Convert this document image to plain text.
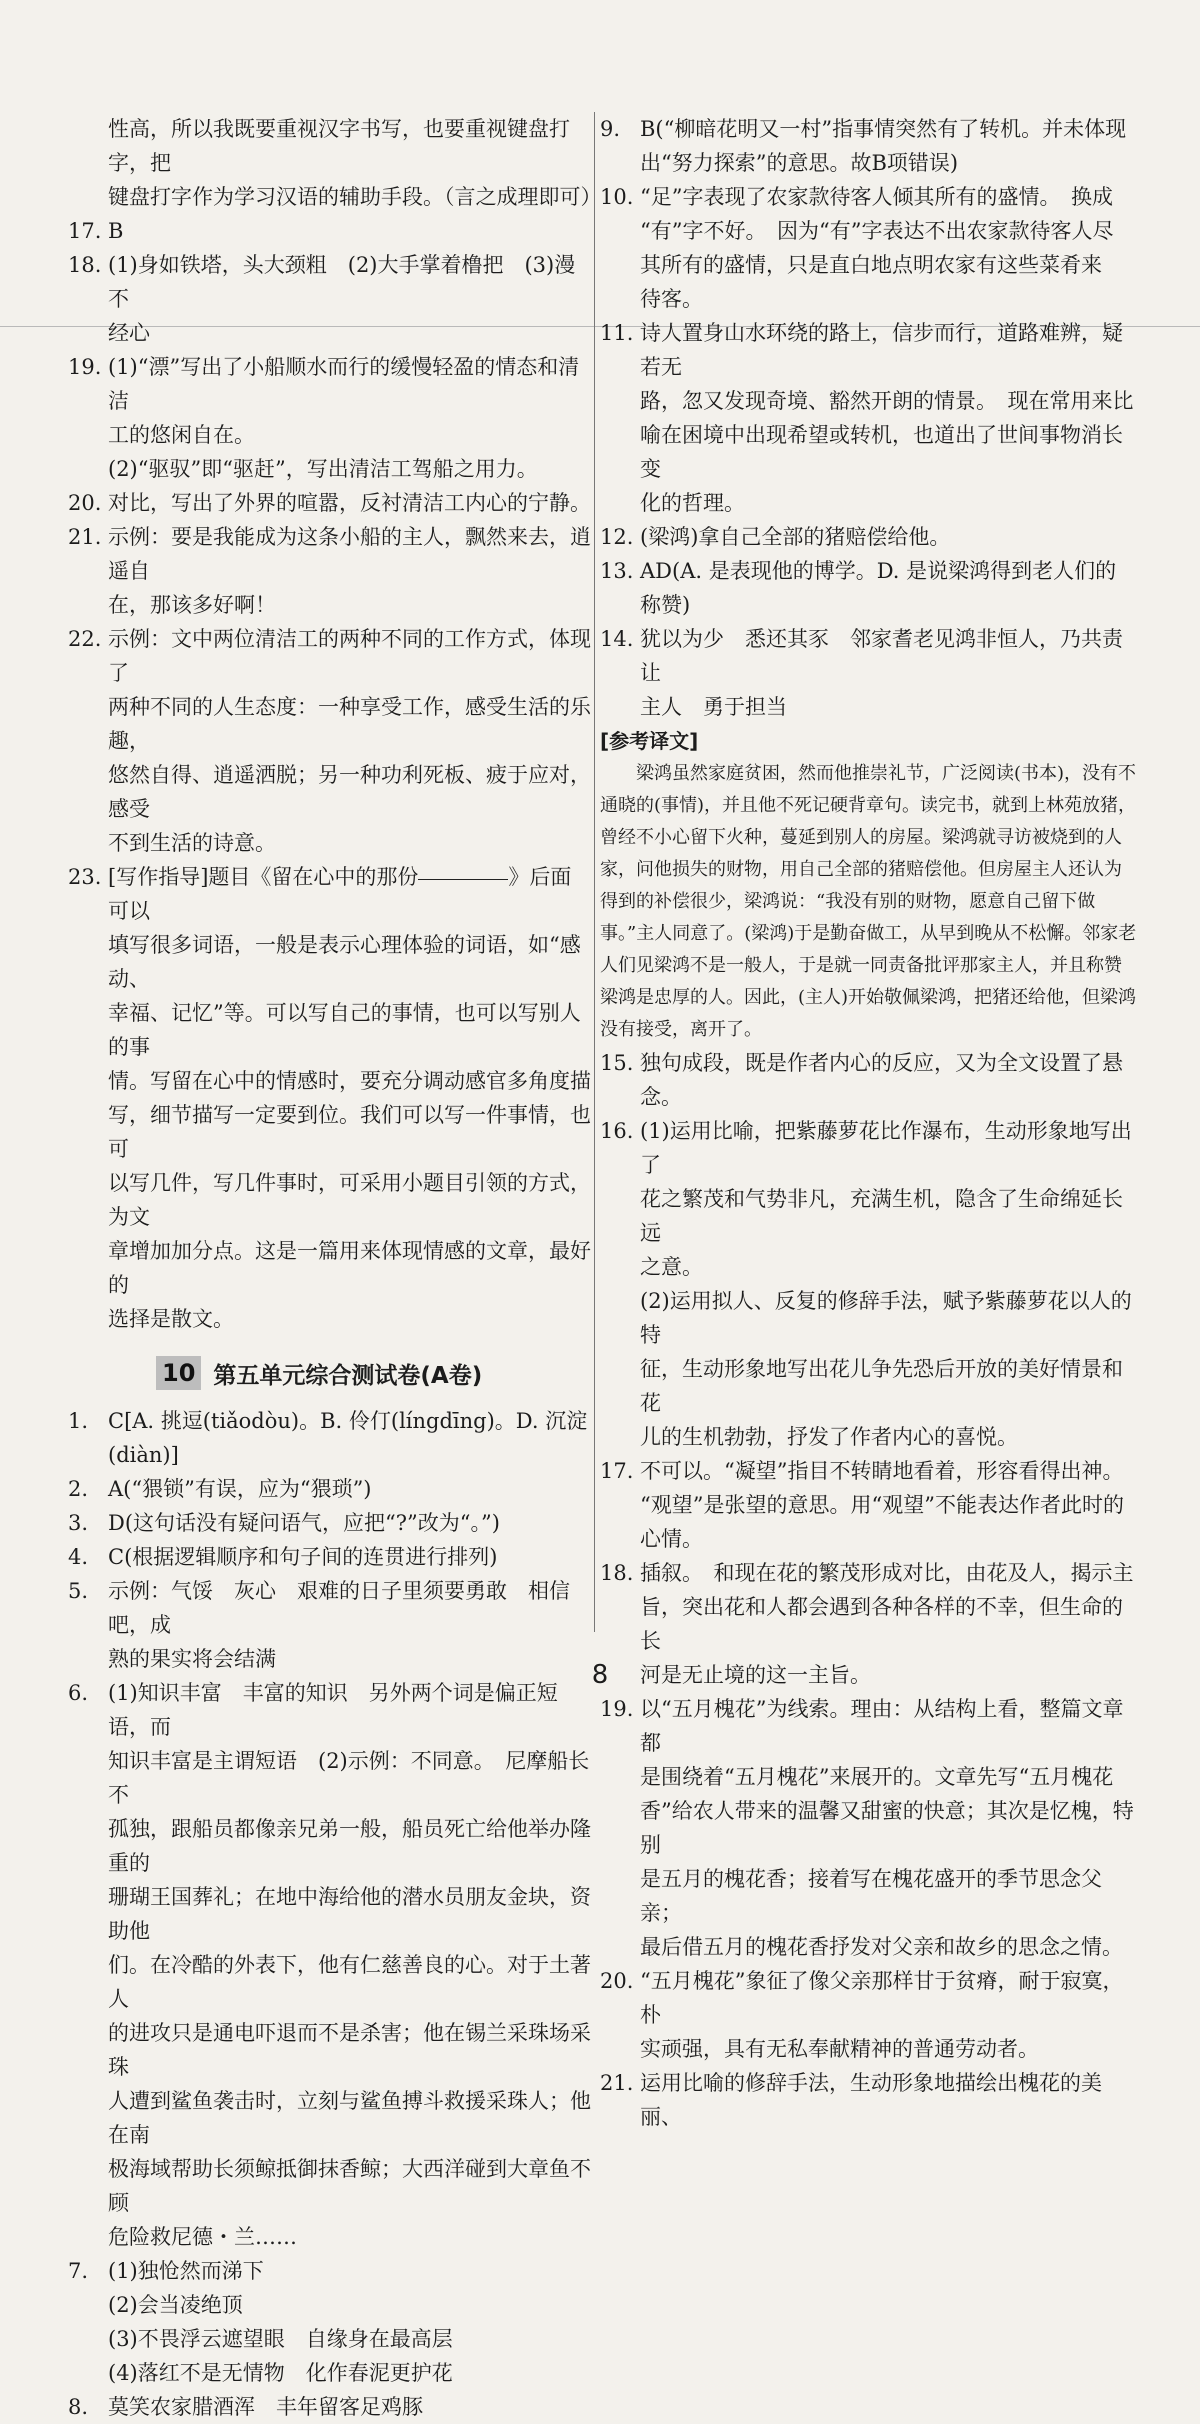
性高，所以我既要重视汉字书写，也要重视键盘打字，把
键盘打字作为学习汉语的辅助手段。（言之成理即可）
17. B
18. (1)身如铁塔，头大颈粗　(2)大手掌着橹把　(3)漫不
经心
19. (1)“漂”写出了小船顺水而行的缓慢轻盈的情态和清洁
工的悠闲自在。
(2)“驱驭”即“驱赶”，写出清洁工驾船之用力。
20. 对比，写出了外界的喧嚣，反衬清洁工内心的宁静。
21. 示例：要是我能成为这条小船的主人，飘然来去，逍遥自
在，那该多好啊！
22. 示例：文中两位清洁工的两种不同的工作方式，体现了
两种不同的人生态度：一种享受工作，感受生活的乐趣，
悠然自得、逍遥洒脱；另一种功利死板、疲于应对，感受
不到生活的诗意。
23. [写作指导]题目《留在心中的那份	》后面可以
填写很多词语，一般是表示心理体验的词语，如“感动、
幸福、记忆”等。可以写自己的事情，也可以写别人的事
情。写留在心中的情感时，要充分调动感官多角度描
写，细节描写一定要到位。我们可以写一件事情，也可
以写几件，写几件事时，可采用小题目引领的方式，为文
章增加加分点。这是一篇用来体现情感的文章，最好的
选择是散文。
10 第五单元综合测试卷(A卷)
1. C[A. 挑逗(tiǎodòu)。B. 伶仃(língdīng)。D. 沉淀
(diàn)]
2. A(“猥锁”有误，应为“猥琐”)
3. D(这句话没有疑问语气，应把“?”改为“。”)
4. C(根据逻辑顺序和句子间的连贯进行排列)
5. 示例：气馁　灰心　艰难的日子里须要勇敢　相信吧，成
熟的果实将会结满
6. (1)知识丰富　丰富的知识　另外两个词是偏正短语，而
知识丰富是主谓短语　(2)示例：不同意。　尼摩船长不
孤独，跟船员都像亲兄弟一般，船员死亡给他举办隆重的
珊瑚王国葬礼；在地中海给他的潜水员朋友金块，资助他
们。在冷酷的外表下，他有仁慈善良的心。对于土著人
的进攻只是通电吓退而不是杀害；他在锡兰采珠场采珠
人遭到鲨鱼袭击时，立刻与鲨鱼搏斗救援采珠人；他在南
极海域帮助长须鲸抵御抹香鲸；大西洋碰到大章鱼不顾
危险救尼德・兰……
7. (1)独怆然而涕下
(2)会当凌绝顶
(3)不畏浮云遮望眼　自缘身在最高层
(4)落红不是无情物　化作春泥更护花
8. 莫笑农家腊酒浑　丰年留客足鸡豚
9. B(“柳暗花明又一村”指事情突然有了转机。并未体现
出“努力探索”的意思。故B项错误)
10. “足”字表现了农家款待客人倾其所有的盛情。　换成
“有”字不好。　因为“有”字表达不出农家款待客人尽
其所有的盛情，只是直白地点明农家有这些菜肴来
待客。
11. 诗人置身山水环绕的路上，信步而行，道路难辨，疑若无
路，忽又发现奇境、豁然开朗的情景。　现在常用来比
喻在困境中出现希望或转机，也道出了世间事物消长变
化的哲理。
12. (梁鸿)拿自己全部的猪赔偿给他。
13. AD(A. 是表现他的博学。D. 是说梁鸿得到老人们的
称赞)
14. 犹以为少　悉还其豕　邻家耆老见鸿非恒人，乃共责让
主人　勇于担当
[参考译文]
梁鸿虽然家庭贫困，然而他推崇礼节，广泛阅读(书本)，没有不通晓的(事情)，并且他不死记硬背章句。读完书，就到上林苑放猪，曾经不小心留下火种，蔓延到别人的房屋。梁鸿就寻访被烧到的人家，问他损失的财物，用自己全部的猪赔偿他。但房屋主人还认为得到的补偿很少，梁鸿说：“我没有别的财物，愿意自己留下做事。”主人同意了。(梁鸿)于是勤奋做工，从早到晚从不松懈。邻家老人们见梁鸿不是一般人，于是就一同责备批评那家主人，并且称赞梁鸿是忠厚的人。因此，(主人)开始敬佩梁鸿，把猪还给他，但梁鸿没有接受，离开了。
15. 独句成段，既是作者内心的反应，又为全文设置了悬念。
16. (1)运用比喻，把紫藤萝花比作瀑布，生动形象地写出了
花之繁茂和气势非凡，充满生机，隐含了生命绵延长远
之意。
(2)运用拟人、反复的修辞手法，赋予紫藤萝花以人的特
征，生动形象地写出花儿争先恐后开放的美好情景和花
儿的生机勃勃，抒发了作者内心的喜悦。
17. 不可以。“凝望”指目不转睛地看着，形容看得出神。
“观望”是张望的意思。用“观望”不能表达作者此时的
心情。
18. 插叙。　和现在花的繁茂形成对比，由花及人，揭示主
旨，突出花和人都会遇到各种各样的不幸，但生命的长
河是无止境的这一主旨。
19. 以“五月槐花”为线索。理由：从结构上看，整篇文章都
是围绕着“五月槐花”来展开的。文章先写“五月槐花
香”给农人带来的温馨又甜蜜的快意；其次是忆槐，特别
是五月的槐花香；接着写在槐花盛开的季节思念父亲；
最后借五月的槐花香抒发对父亲和故乡的思念之情。
20. “五月槐花”象征了像父亲那样甘于贫瘠，耐于寂寞，朴
实顽强，具有无私奉献精神的普通劳动者。
21. 运用比喻的修辞手法，生动形象地描绘出槐花的美丽、
8
